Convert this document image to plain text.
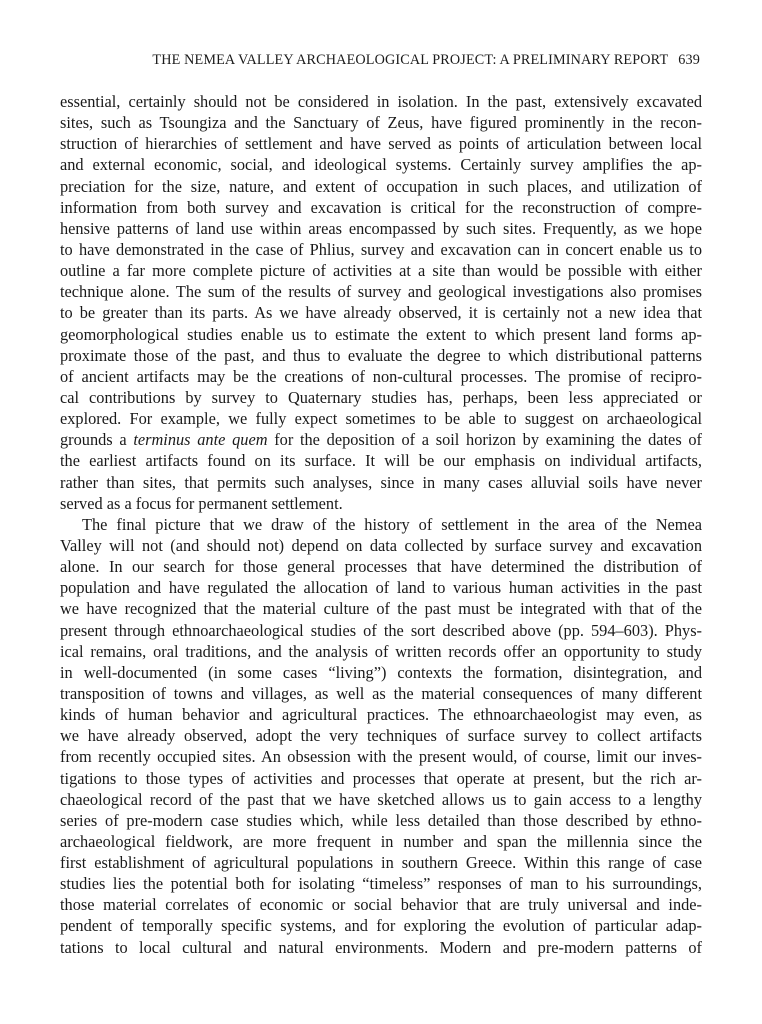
THE NEMEA VALLEY ARCHAEOLOGICAL PROJECT: A PRELIMINARY REPORT 639
essential, certainly should not be considered in isolation. In the past, extensively excavated
sites, such as Tsoungiza and the Sanctuary of Zeus, have figured prominently in the recon-
struction of hierarchies of settlement and have served as points of articulation between local
and external economic, social, and ideological systems. Certainly survey amplifies the ap-
preciation for the size, nature, and extent of occupation in such places, and utilization of
information from both survey and excavation is critical for the reconstruction of compre-
hensive patterns of land use within areas encompassed by such sites. Frequently, as we hope
to have demonstrated in the case of Phlius, survey and excavation can in concert enable us to
outline a far more complete picture of activities at a site than would be possible with either
technique alone. The sum of the results of survey and geological investigations also promises
to be greater than its parts. As we have already observed, it is certainly not a new idea that
geomorphological studies enable us to estimate the extent to which present land forms ap-
proximate those of the past, and thus to evaluate the degree to which distributional patterns
of ancient artifacts may be the creations of non-cultural processes. The promise of recipro-
cal contributions by survey to Quaternary studies has, perhaps, been less appreciated or
explored. For example, we fully expect sometimes to be able to suggest on archaeological
grounds a terminus ante quem for the deposition of a soil horizon by examining the dates of
the earliest artifacts found on its surface. It will be our emphasis on individual artifacts,
rather than sites, that permits such analyses, since in many cases alluvial soils have never
served as a focus for permanent settlement.
The final picture that we draw of the history of settlement in the area of the Nemea
Valley will not (and should not) depend on data collected by surface survey and excavation
alone. In our search for those general processes that have determined the distribution of
population and have regulated the allocation of land to various human activities in the past
we have recognized that the material culture of the past must be integrated with that of the
present through ethnoarchaeological studies of the sort described above (pp. 594–603). Phys-
ical remains, oral traditions, and the analysis of written records offer an opportunity to study
in well-documented (in some cases “living”) contexts the formation, disintegration, and
transposition of towns and villages, as well as the material consequences of many different
kinds of human behavior and agricultural practices. The ethnoarchaeologist may even, as
we have already observed, adopt the very techniques of surface survey to collect artifacts
from recently occupied sites. An obsession with the present would, of course, limit our inves-
tigations to those types of activities and processes that operate at present, but the rich ar-
chaeological record of the past that we have sketched allows us to gain access to a lengthy
series of pre-modern case studies which, while less detailed than those described by ethno-
archaeological fieldwork, are more frequent in number and span the millennia since the
first establishment of agricultural populations in southern Greece. Within this range of case
studies lies the potential both for isolating “timeless” responses of man to his surroundings,
those material correlates of economic or social behavior that are truly universal and inde-
pendent of temporally specific systems, and for exploring the evolution of particular adap-
tations to local cultural and natural environments. Modern and pre-modern patterns of
